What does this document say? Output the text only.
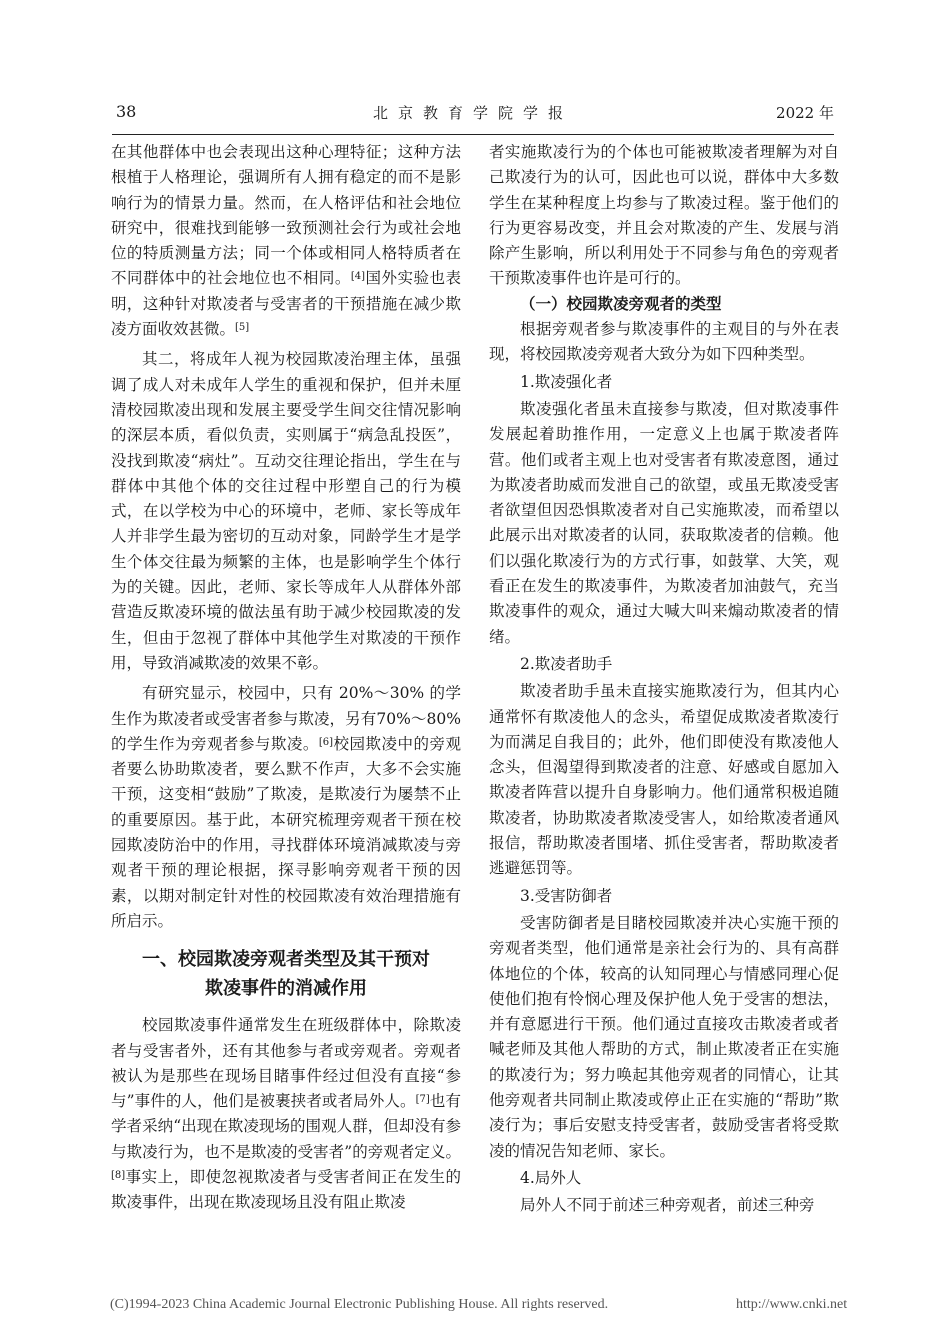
38	北京教育学院学报	2022 年

在其他群体中也会表现出这种心理特征；这种方法根植于人格理论，强调所有人拥有稳定的而不是影响行为的情景力量。然而，在人格评估和社会地位研究中，很难找到能够一致预测社会行为或社会地位的特质测量方法；同一个体或相同人格特质者在不同群体中的社会地位也不相同。[4]国外实验也表明，这种针对欺凌者与受害者的干预措施在减少欺凌方面收效甚微。[5]

其二，将成年人视为校园欺凌治理主体，虽强调了成人对未成年人学生的重视和保护，但并未厘清校园欺凌出现和发展主要受学生间交往情况影响的深层本质，看似负责，实则属于“病急乱投医”，没找到欺凌“病灶”。互动交往理论指出，学生在与群体中其他个体的交往过程中形塑自己的行为模式，在以学校为中心的环境中，老师、家长等成年人并非学生最为密切的互动对象，同龄学生才是学生个体交往最为频繁的主体，也是影响学生个体行为的关键。因此，老师、家长等成年人从群体外部营造反欺凌环境的做法虽有助于减少校园欺凌的发生，但由于忽视了群体中其他学生对欺凌的干预作用，导致消减欺凌的效果不彰。

有研究显示，校园中，只有 20%～30% 的学生作为欺凌者或受害者参与欺凌，另有70%～80%的学生作为旁观者参与欺凌。[6]校园欺凌中的旁观者要么协助欺凌者，要么默不作声，大多不会实施干预，这变相“鼓励”了欺凌，是欺凌行为屡禁不止的重要原因。基于此，本研究梳理旁观者干预在校园欺凌防治中的作用，寻找群体环境消减欺凌与旁观者干预的理论根据，探寻影响旁观者干预的因素，以期对制定针对性的校园欺凌有效治理措施有所启示。

一、校园欺凌旁观者类型及其干预对
欺凌事件的消减作用

校园欺凌事件通常发生在班级群体中，除欺凌者与受害者外，还有其他参与者或旁观者。旁观者被认为是那些在现场目睹事件经过但没有直接“参与”事件的人，他们是被裹挟者或者局外人。[7]也有学者采纳“出现在欺凌现场的围观人群，但却没有参与欺凌行为，也不是欺凌的受害者”的旁观者定义。[8]事实上，即使忽视欺凌者与受害者间正在发生的欺凌事件，出现在欺凌现场且没有阻止欺凌

者实施欺凌行为的个体也可能被欺凌者理解为对自己欺凌行为的认可，因此也可以说，群体中大多数学生在某种程度上均参与了欺凌过程。鉴于他们的行为更容易改变，并且会对欺凌的产生、发展与消除产生影响，所以利用处于不同参与角色的旁观者干预欺凌事件也许是可行的。

（一）校园欺凌旁观者的类型

根据旁观者参与欺凌事件的主观目的与外在表现，将校园欺凌旁观者大致分为如下四种类型。

1.欺凌强化者

欺凌强化者虽未直接参与欺凌，但对欺凌事件发展起着助推作用，一定意义上也属于欺凌者阵营。他们或者主观上也对受害者有欺凌意图，通过为欺凌者助威而发泄自己的欲望，或虽无欺凌受害者欲望但因恐惧欺凌者对自己实施欺凌，而希望以此展示出对欺凌者的认同，获取欺凌者的信赖。他们以强化欺凌行为的方式行事，如鼓掌、大笑，观看正在发生的欺凌事件，为欺凌者加油鼓气，充当欺凌事件的观众，通过大喊大叫来煽动欺凌者的情绪。

2.欺凌者助手

欺凌者助手虽未直接实施欺凌行为，但其内心通常怀有欺凌他人的念头，希望促成欺凌者欺凌行为而满足自我目的；此外，他们即使没有欺凌他人念头，但渴望得到欺凌者的注意、好感或自愿加入欺凌者阵营以提升自身影响力。他们通常积极追随欺凌者，协助欺凌者欺凌受害人，如给欺凌者通风报信，帮助欺凌者围堵、抓住受害者，帮助欺凌者逃避惩罚等。

3.受害防御者

受害防御者是目睹校园欺凌并决心实施干预的旁观者类型，他们通常是亲社会行为的、具有高群体地位的个体，较高的认知同理心与情感同理心促使他们抱有怜悯心理及保护他人免于受害的想法，并有意愿进行干预。他们通过直接攻击欺凌者或者喊老师及其他人帮助的方式，制止欺凌者正在实施的欺凌行为；努力唤起其他旁观者的同情心，让其他旁观者共同制止欺凌或停止正在实施的“帮助”欺凌行为；事后安慰支持受害者，鼓励受害者将受欺凌的情况告知老师、家长。

4.局外人

局外人不同于前述三种旁观者，前述三种旁

(C)1994-2023 China Academic Journal Electronic Publishing House. All rights reserved.	http://www.cnki.net
